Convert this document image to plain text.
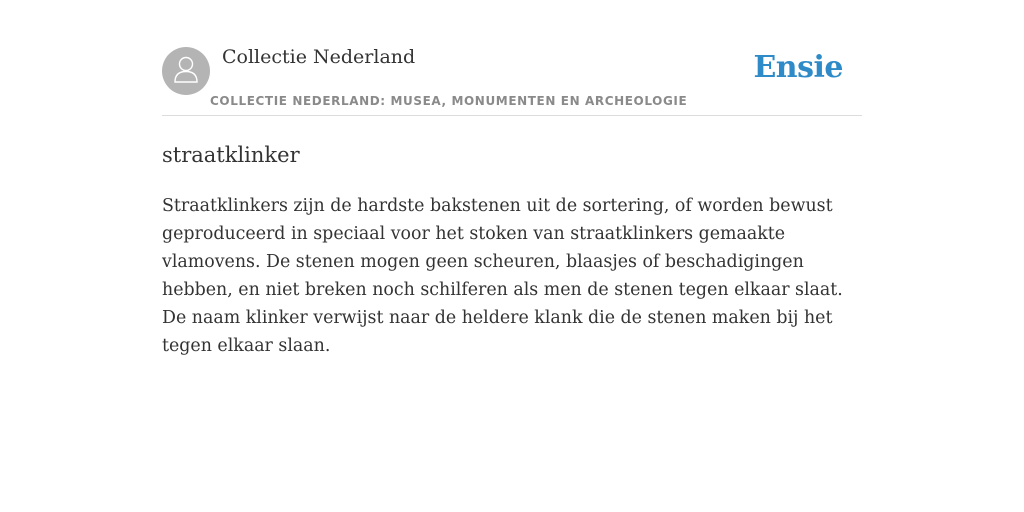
Collectie Nederland
COLLECTIE NEDERLAND: MUSEA, MONUMENTEN EN ARCHEOLOGIE
Ensie
straatklinker

Straatklinkers zijn de hardste bakstenen uit de sortering, of worden bewust geproduceerd in speciaal voor het stoken van straatklinkers gemaakte vlamovens. De stenen mogen geen scheuren, blaasjes of beschadigingen hebben, en niet breken noch schilferen als men de stenen tegen elkaar slaat. De naam klinker verwijst naar de heldere klank die de stenen maken bij het tegen elkaar slaan.
